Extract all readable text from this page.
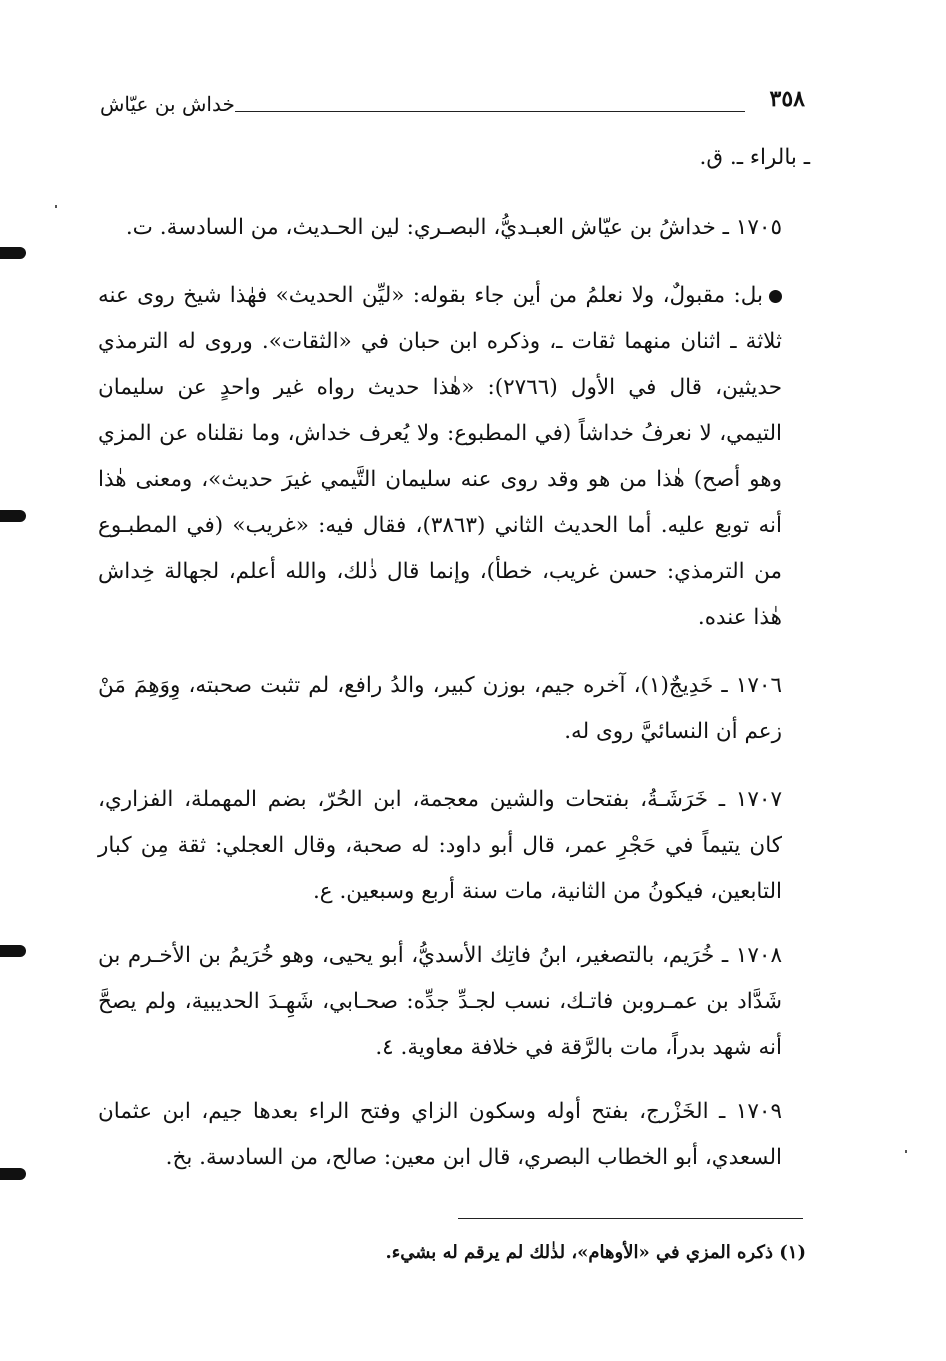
٣٥٨
خداش بن عيّاش

ـ بالراء ـ. ق.

١٧٠٥ ـ خداشُ بن عيّاش العبـديُّ، البصـري: لين الحـديث، من السادسة. ت.

بل: مقبولٌ، ولا نعلمُ من أين جاء بقوله: «ليِّن الحديث» فهٰذا شيخ روى عنه ثلاثة ـ اثنان منهما ثقات ـ، وذكره ابن حبان في «الثقات». وروى له الترمذي حديثين، قال في الأول (٢٧٦٦): «هٰذا حديث رواه غير واحدٍ عن سليمان التيمي، لا نعرفُ خداشاً (في المطبوع: ولا يُعرف خداش، وما نقلناه عن المزي وهو أصح) هٰذا من هو وقد روى عنه سليمان التَّيمي غيرَ حديث»، ومعنى هٰذا أنه توبع عليه. أما الحديث الثاني (٣٨٦٣)، فقال فيه: «غريب» (في المطبـوع من الترمذي: حسن غريب، خطأ)، وإنما قال ذٰلك، والله أعلم، لجهالة خِداش هٰذا عنده.

١٧٠٦ ـ خَدِيجٌ(١)، آخره جيم، بوزن كبير، والدُ رافع، لم تثبت صحبته، وِوَهِمَ مَنْ زعم أن النسائيَّ روى له.

١٧٠٧ ـ خَرَشَـةُ، بفتحات والشين معجمة، ابن الحُرّ، بضم المهملة، الفزاري، كان يتيماً في حَجْرِ عمر، قال أبو داود: له صحبة، وقال العجلي: ثقة مِن كبار التابعين، فيكونُ من الثانية، مات سنة أربع وسبعين. ع.

١٧٠٨ ـ خُرَيم، بالتصغير، ابنُ فاتِك الأسديُّ، أبو يحيى، وهو خُرَيمُ بن الأخـرم بن شَدَّاد بن عمـروبن فاتـك، نسب لجـدِّ جدِّه: صحـابي، شَهِـدَ الحديبية، ولم يصحَّ أنه شهد بدراً، مات بالرَّقة في خلافة معاوية. ٤.

١٧٠٩ ـ الخَزْرج، بفتح أوله وسكون الزاي وفتح الراء بعدها جيم، ابن عثمان السعدي، أبو الخطاب البصري، قال ابن معين: صالح، من السادسة. بخ.

(١) ذكره المزي في «الأوهام»، لذٰلك لم يرقم له بشيء.
